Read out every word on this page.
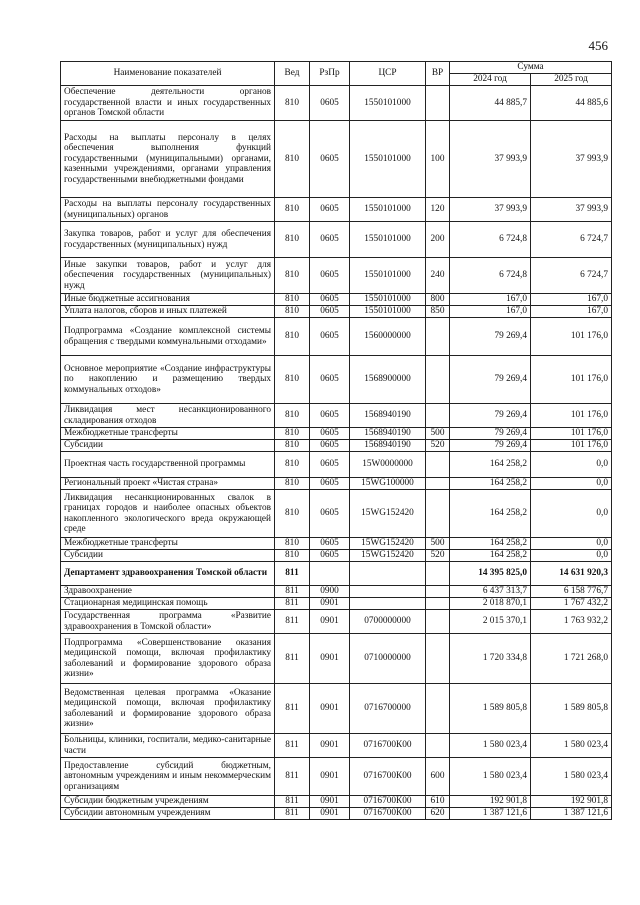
456
Наименование показателей	Вед	РзПр	ЦСР	ВР	Сумма	
					2024 год	2025 год
Обеспечение деятельности органов государственной власти и иных государственных органов Томской области	810	0605	1550101000		44 885,7	44 885,6
Расходы на выплаты персоналу в целях обеспечения выполнения функций государственными (муниципальными) органами, казенными учреждениями, органами управления государственными внебюджетными фондами	810	0605	1550101000	100	37 993,9	37 993,9
Расходы на выплаты персоналу государственных (муниципальных) органов	810	0605	1550101000	120	37 993,9	37 993,9
Закупка товаров, работ и услуг для обеспечения государственных (муниципальных) нужд	810	0605	1550101000	200	6 724,8	6 724,7
Иные закупки товаров, работ и услуг для обеспечения государственных (муниципальных) нужд	810	0605	1550101000	240	6 724,8	6 724,7
Иные бюджетные ассигнования	810	0605	1550101000	800	167,0	167,0
Уплата налогов, сборов и иных платежей	810	0605	1550101000	850	167,0	167,0
Подпрограмма «Создание комплексной системы обращения с твердыми коммунальными отходами»	810	0605	1560000000		79 269,4	101 176,0
Основное мероприятие «Создание инфраструктуры по накоплению и размещению твердых коммунальных отходов»	810	0605	1568900000		79 269,4	101 176,0
Ликвидация мест несанкционированного складирования отходов	810	0605	1568940190		79 269,4	101 176,0
Межбюджетные трансферты	810	0605	1568940190	500	79 269,4	101 176,0
Субсидии	810	0605	1568940190	520	79 269,4	101 176,0
Проектная часть государственной программы	810	0605	15W0000000		164 258,2	0,0
Региональный проект «Чистая страна»	810	0605	15WG100000		164 258,2	0,0
Ликвидация несанкционированных свалок в границах городов и наиболее опасных объектов накопленного экологического вреда окружающей среде	810	0605	15WG152420		164 258,2	0,0
Межбюджетные трансферты	810	0605	15WG152420	500	164 258,2	0,0
Субсидии	810	0605	15WG152420	520	164 258,2	0,0
Департамент здравоохранения Томской области	811				14 395 825,0	14 631 920,3
Здравоохранение	811	0900			6 437 313,7	6 158 776,7
Стационарная медицинская помощь	811	0901			2 018 870,1	1 767 432,2
Государственная программа «Развитие здравоохранения в Томской области»	811	0901	0700000000		2 015 370,1	1 763 932,2
Подпрограмма «Совершенствование оказания медицинской помощи, включая профилактику заболеваний и формирование здорового образа жизни»	811	0901	0710000000		1 720 334,8	1 721 268,0
Ведомственная целевая программа «Оказание медицинской помощи, включая профилактику заболеваний и формирование здорового образа жизни»	811	0901	0716700000		1 589 805,8	1 589 805,8
Больницы, клиники, госпитали, медико-санитарные части	811	0901	0716700К00		1 580 023,4	1 580 023,4
Предоставление субсидий бюджетным, автономным учреждениям и иным некоммерческим организациям	811	0901	0716700К00	600	1 580 023,4	1 580 023,4
Субсидии бюджетным учреждениям	811	0901	0716700К00	610	192 901,8	192 901,8
Субсидии автономным учреждениям	811	0901	0716700К00	620	1 387 121,6	1 387 121,6
